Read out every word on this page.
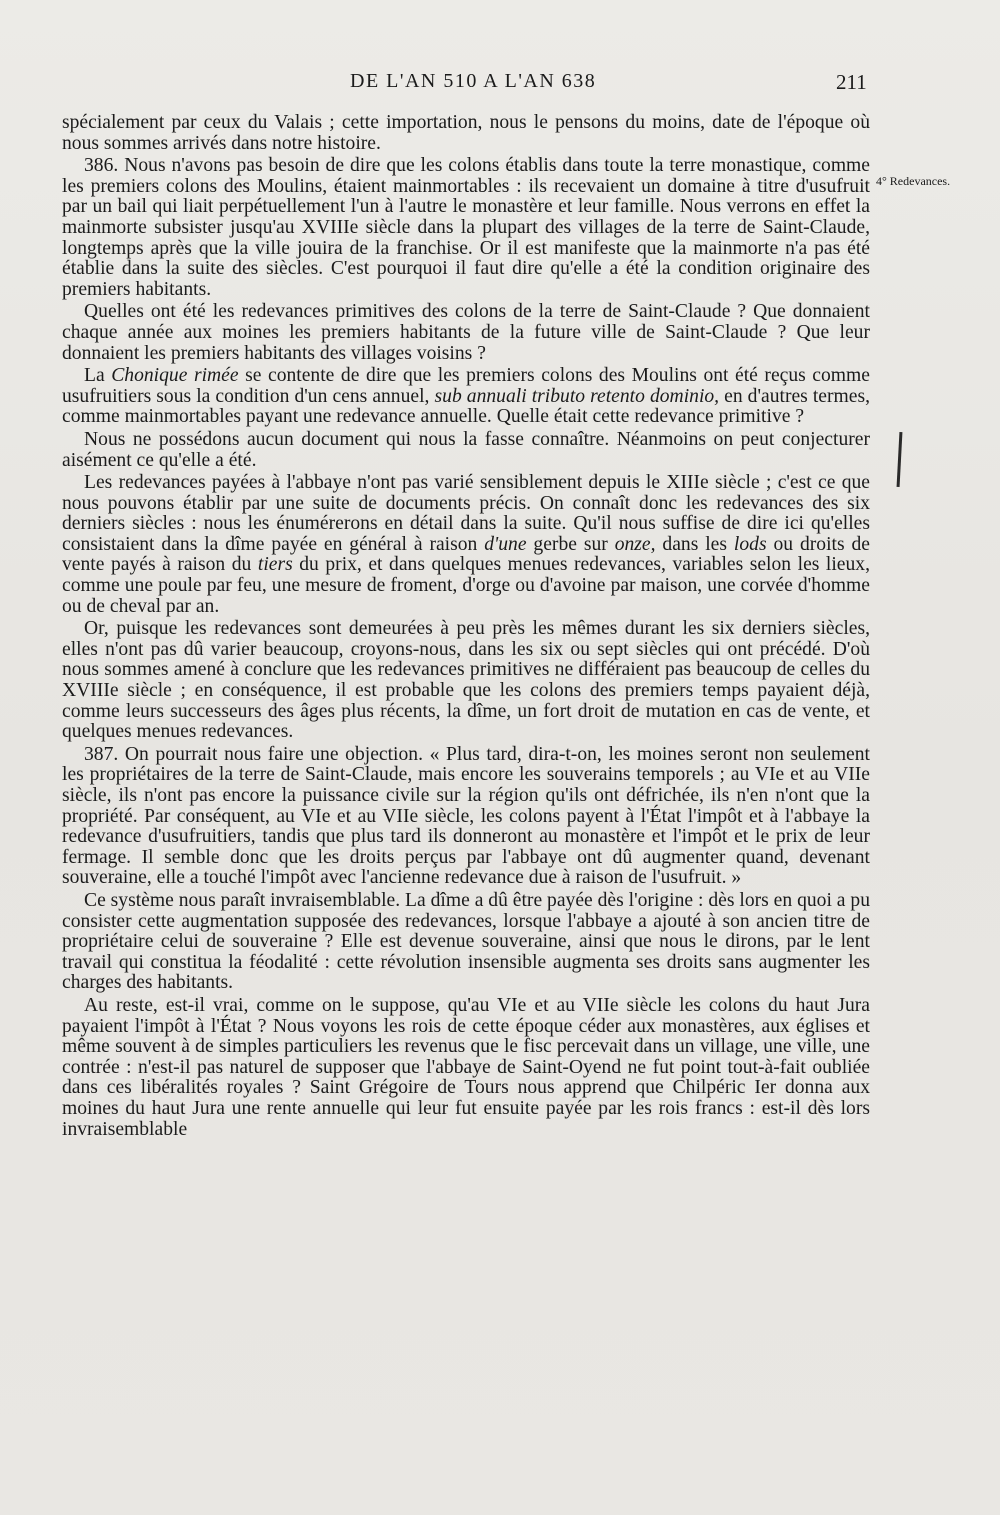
DE L'AN 510 A L'AN 638	211
4° Redevances.

spécialement par ceux du Valais ; cette importation, nous le pensons du moins, date de l'époque où nous sommes arrivés dans notre histoire.

386. Nous n'avons pas besoin de dire que les colons établis dans toute la terre monastique, comme les premiers colons des Moulins, étaient mainmortables : ils recevaient un domaine à titre d'usufruit par un bail qui liait perpétuellement l'un à l'autre le monastère et leur famille. Nous verrons en effet la mainmorte subsister jusqu'au XVIIIe siècle dans la plupart des villages de la terre de Saint-Claude, longtemps après que la ville jouira de la franchise. Or il est manifeste que la mainmorte n'a pas été établie dans la suite des siècles. C'est pourquoi il faut dire qu'elle a été la condition originaire des premiers habitants.

Quelles ont été les redevances primitives des colons de la terre de Saint-Claude ? Que donnaient chaque année aux moines les premiers habitants de la future ville de Saint-Claude ? Que leur donnaient les premiers habitants des villages voisins ?

La Chonique rimée se contente de dire que les premiers colons des Moulins ont été reçus comme usufruitiers sous la condition d'un cens annuel, sub annuali tributo retento dominio, en d'autres termes, comme mainmortables payant une redevance annuelle. Quelle était cette redevance primitive ?

Nous ne possédons aucun document qui nous la fasse connaître. Néanmoins on peut conjecturer aisément ce qu'elle a été.

Les redevances payées à l'abbaye n'ont pas varié sensiblement depuis le XIIIe siècle ; c'est ce que nous pouvons établir par une suite de documents précis. On connaît donc les redevances des six derniers siècles : nous les énumérerons en détail dans la suite. Qu'il nous suffise de dire ici qu'elles consistaient dans la dîme payée en général à raison d'une gerbe sur onze, dans les lods ou droits de vente payés à raison du tiers du prix, et dans quelques menues redevances, variables selon les lieux, comme une poule par feu, une mesure de froment, d'orge ou d'avoine par maison, une corvée d'homme ou de cheval par an.

Or, puisque les redevances sont demeurées à peu près les mêmes durant les six derniers siècles, elles n'ont pas dû varier beaucoup, croyons-nous, dans les six ou sept siècles qui ont précédé. D'où nous sommes amené à conclure que les redevances primitives ne différaient pas beaucoup de celles du XVIIIe siècle ; en conséquence, il est probable que les colons des premiers temps payaient déjà, comme leurs successeurs des âges plus récents, la dîme, un fort droit de mutation en cas de vente, et quelques menues redevances.

387. On pourrait nous faire une objection. « Plus tard, dira-t-on, les moines seront non seulement les propriétaires de la terre de Saint-Claude, mais encore les souverains temporels ; au VIe et au VIIe siècle, ils n'ont pas encore la puissance civile sur la région qu'ils ont défrichée, ils n'en n'ont que la propriété. Par conséquent, au VIe et au VIIe siècle, les colons payent à l'État l'impôt et à l'abbaye la redevance d'usufruitiers, tandis que plus tard ils donneront au monastère et l'impôt et le prix de leur fermage. Il semble donc que les droits perçus par l'abbaye ont dû augmenter quand, devenant souveraine, elle a touché l'impôt avec l'ancienne redevance due à raison de l'usufruit. »

Ce système nous paraît invraisemblable. La dîme a dû être payée dès l'origine : dès lors en quoi a pu consister cette augmentation supposée des redevances, lorsque l'abbaye a ajouté à son ancien titre de propriétaire celui de souveraine ? Elle est devenue souveraine, ainsi que nous le dirons, par le lent travail qui constitua la féodalité : cette révolution insensible augmenta ses droits sans augmenter les charges des habitants.

Au reste, est-il vrai, comme on le suppose, qu'au VIe et au VIIe siècle les colons du haut Jura payaient l'impôt à l'État ? Nous voyons les rois de cette époque céder aux monastères, aux églises et même souvent à de simples particuliers les revenus que le fisc percevait dans un village, une ville, une contrée : n'est-il pas naturel de supposer que l'abbaye de Saint-Oyend ne fut point tout-à-fait oubliée dans ces libéralités royales ? Saint Grégoire de Tours nous apprend que Chilpéric Ier donna aux moines du haut Jura une rente annuelle qui leur fut ensuite payée par les rois francs : est-il dès lors invraisemblable
